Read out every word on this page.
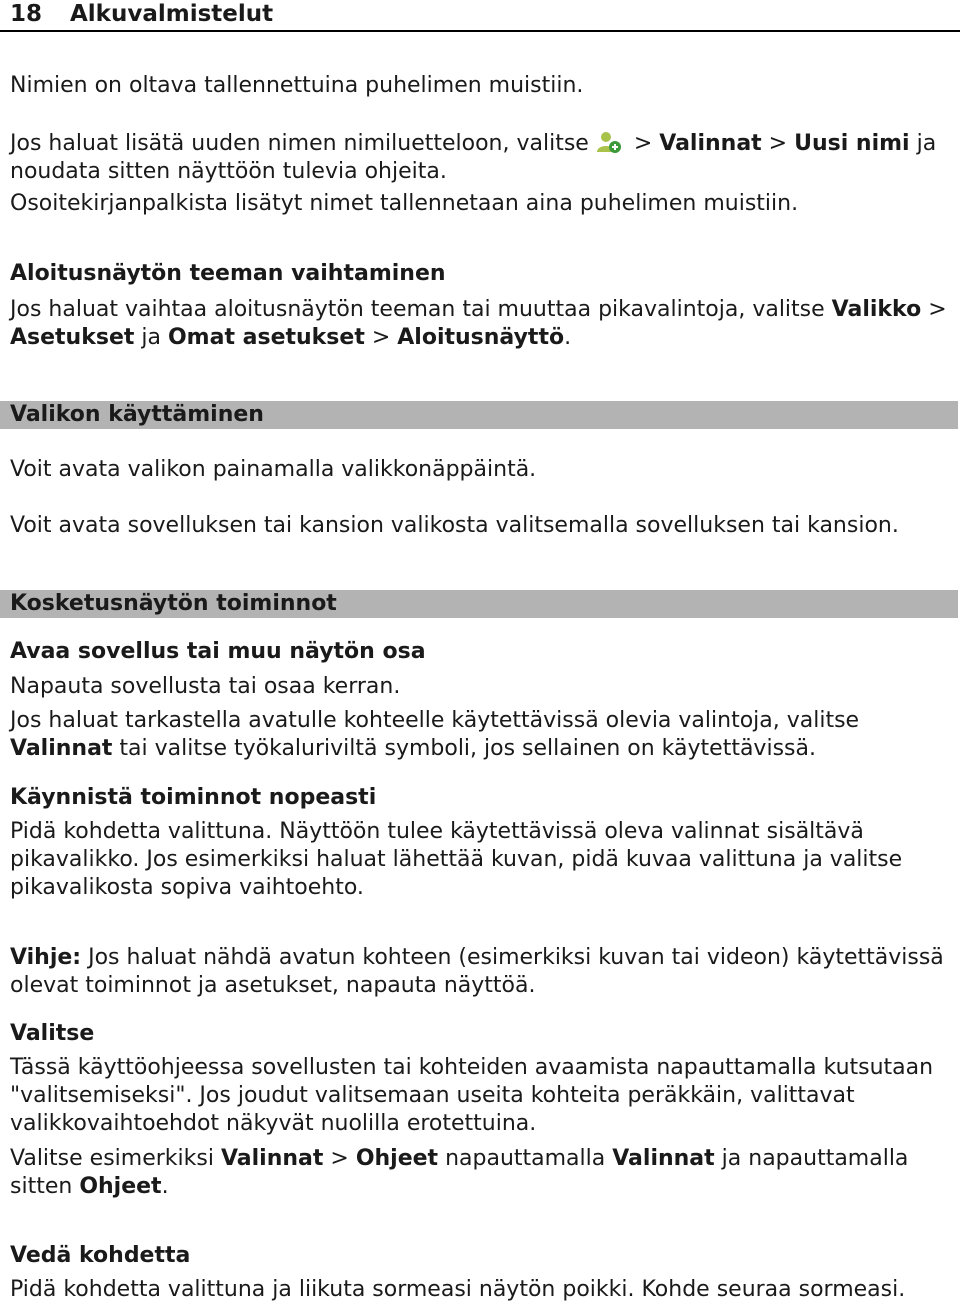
18 Alkuvalmistelut

Nimien on oltava tallennettuina puhelimen muistiin.

Jos haluat lisätä uuden nimen nimiluetteloon, valitse > Valinnat > Uusi nimi ja noudata sitten näyttöön tulevia ohjeita.

Osoitekirjanpalkista lisätyt nimet tallennetaan aina puhelimen muistiin.

Aloitusnäytön teeman vaihtaminen

Jos haluat vaihtaa aloitusnäytön teeman tai muuttaa pikavalintoja, valitse Valikko > Asetukset ja Omat asetukset > Aloitusnäyttö.

Valikon käyttäminen

Voit avata valikon painamalla valikkonäppäintä.

Voit avata sovelluksen tai kansion valikosta valitsemalla sovelluksen tai kansion.

Kosketusnäytön toiminnot

Avaa sovellus tai muu näytön osa

Napauta sovellusta tai osaa kerran.

Jos haluat tarkastella avatulle kohteelle käytettävissä olevia valintoja, valitse Valinnat tai valitse työkaluriviltä symboli, jos sellainen on käytettävissä.

Käynnistä toiminnot nopeasti

Pidä kohdetta valittuna. Näyttöön tulee käytettävissä oleva valinnat sisältävä pikavalikko. Jos esimerkiksi haluat lähettää kuvan, pidä kuvaa valittuna ja valitse pikavalikosta sopiva vaihtoehto.

Vihje: Jos haluat nähdä avatun kohteen (esimerkiksi kuvan tai videon) käytettävissä olevat toiminnot ja asetukset, napauta näyttöä.

Valitse

Tässä käyttöohjeessa sovellusten tai kohteiden avaamista napauttamalla kutsutaan "valitsemiseksi". Jos joudut valitsemaan useita kohteita peräkkäin, valittavat valikkovaihtoehdot näkyvät nuolilla erotettuina.

Valitse esimerkiksi Valinnat > Ohjeet napauttamalla Valinnat ja napauttamalla sitten Ohjeet.

Vedä kohdetta

Pidä kohdetta valittuna ja liikuta sormeasi näytön poikki. Kohde seuraa sormeasi.
